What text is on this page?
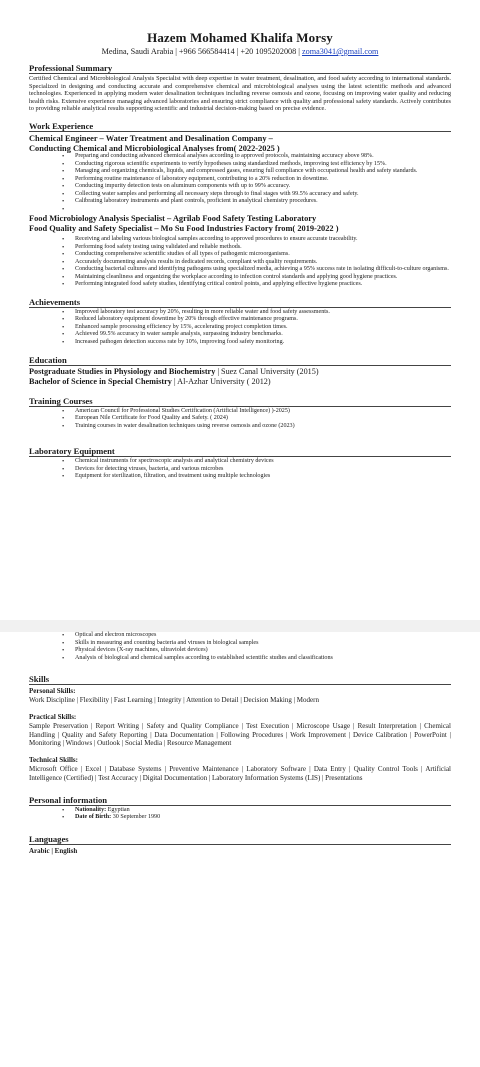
Hazem Mohamed Khalifa Morsy
Medina, Saudi Arabia | +966 566584414 | +20 1095202008 | zoma3041@gmail.com
Professional Summary
Certified Chemical and Microbiological Analysis Specialist with deep expertise in water treatment, desalination, and food safety according to international standards. Specialized in designing and conducting accurate and comprehensive chemical and microbiological analyses using the latest scientific methods and advanced technologies. Experienced in applying modern water desalination techniques including reverse osmosis and ozone, focusing on improving water quality and reducing health risks. Extensive experience managing advanced laboratories and ensuring strict compliance with quality and professional safety standards. Actively contributes to providing reliable analytical results supporting scientific and industrial decision-making based on precise evidence.
Work Experience
Chemical Engineer – Water Treatment and Desalination Company –
Conducting Chemical and Microbiological Analyses from( 2022-2025 )
• Preparing and conducting advanced chemical analyses according to approved protocols, maintaining accuracy above 98%.
• Conducting rigorous scientific experiments to verify hypotheses using standardized methods, improving test efficiency by 15%.
• Managing and organizing chemicals, liquids, and compressed gases, ensuring full compliance with occupational health and safety standards.
• Performing routine maintenance of laboratory equipment, contributing to a 20% reduction in downtime.
• Conducting impurity detection tests on aluminum components with up to 99% accuracy.
• Collecting water samples and performing all necessary steps through to final stages with 99.5% accuracy and safety.
• Calibrating laboratory instruments and plant controls, proficient in analytical chemistry procedures.
•

Food Microbiology Analysis Specialist – Agrilab Food Safety Testing Laboratory
Food Quality and Safety Specialist – Mo Su Food Industries Factory from( 2019-2022 )
• Receiving and labeling various biological samples according to approved procedures to ensure accurate traceability.
• Performing food safety testing using validated and reliable methods.
• Conducting comprehensive scientific studies of all types of pathogenic microorganisms.
• Accurately documenting analysis results in dedicated records, compliant with quality requirements.
• Conducting bacterial cultures and identifying pathogens using specialized media, achieving a 95% success rate in isolating difficult-to-culture organisms.
• Maintaining cleanliness and organizing the workplace according to infection control standards and applying good hygiene practices.
• Performing integrated food safety studies, identifying critical control points, and applying effective hygiene practices.
Achievements
• Improved laboratory test accuracy by 20%, resulting in more reliable water and food safety assessments.
• Reduced laboratory equipment downtime by 20% through effective maintenance programs.
• Enhanced sample processing efficiency by 15%, accelerating project completion times.
• Achieved 99.5% accuracy in water sample analysis, surpassing industry benchmarks.
• Increased pathogen detection success rate by 10%, improving food safety monitoring.
Education
Postgraduate Studies in Physiology and Biochemistry | Suez Canal University (2015)
Bachelor of Science in Special Chemistry | Al-Azhar University ( 2012)
Training Courses
• American Council for Professional Studies Certification (Artificial Intelligence) )-2025)
• European Nile Certificate for Food Quality and Safety. ( 2024)
• Training courses in water desalination techniques using reverse osmosis and ozone (2023)
Laboratory Equipment
• Chemical instruments for spectroscopic analysis and analytical chemistry devices
• Devices for detecting viruses, bacteria, and various microbes
• Equipment for sterilization, filtration, and treatment using multiple technologies
• Optical and electron microscopes
• Skills in measuring and counting bacteria and viruses in biological samples
• Physical devices (X-ray machines, ultraviolet devices)
• Analysis of biological and chemical samples according to established scientific studies and classifications
Skills
Personal Skills:
Work Discipline | Flexibility | Fast Learning | Integrity | Attention to Detail | Decision Making | Modern
Practical Skills:
Sample Preservation | Report Writing | Safety and Quality Compliance | Test Execution | Microscope Usage | Result Interpretation | Chemical Handling | Quality and Safety Reporting | Data Documentation | Following Procedures | Work Improvement | Device Calibration | PowerPoint | Monitoring | Windows | Outlook | Social Media | Resource Management
Technical Skills:
Microsoft Office | Excel | Database Systems | Preventive Maintenance | Laboratory Software | Data Entry | Quality Control Tools | Artificial Intelligence (Certified) | Test Accuracy | Digital Documentation | Laboratory Information Systems (LIS) | Presentations
Personal information
• Nationality: Egyptian
• Date of Birth: 30 September 1990
Languages
Arabic | English
